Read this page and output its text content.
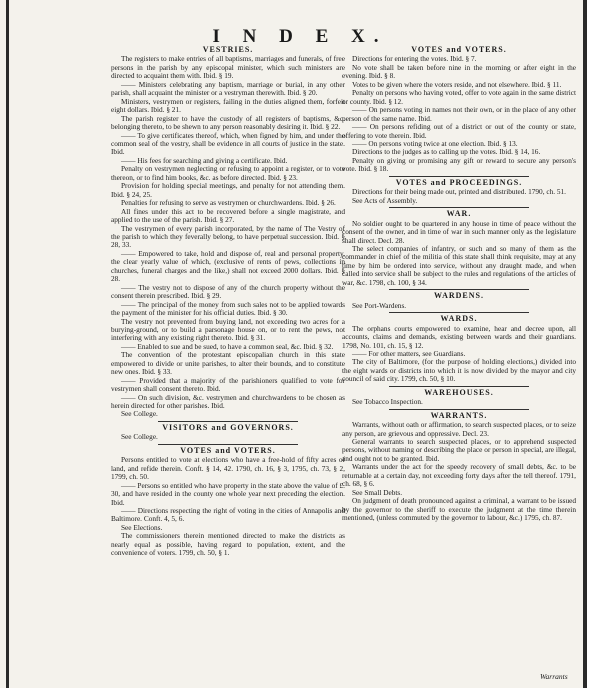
I N D E X.
VESTRIES.
The registers to make entries of all baptisms, marriages and funerals, of free persons in the parish by any episcopal minister, which such ministers are directed to acquaint them with. Ibid. § 19.
—— Ministers celebrating any baptism, marriage or burial, in any other parish, shall acquaint the minister or a vestryman therewith. Ibid. § 20.
Ministers, vestrymen or registers, failing in the duties aligned them, forfeit eight dollars. Ibid. § 21.
The parish register to have the custody of all registers of baptisms, &c. belonging thereto, to be shewn to any person reasonably desiring it. Ibid. § 22.
—— To give certificates thereof, which, when figned by him, and under the common seal of the vestry, shall be evidence in all courts of justice in the state. Ibid.
—— His fees for searching and giving a certificate. Ibid.
Penalty on vestrymen neglecting or refusing to appoint a register, or to vote thereon, or to find him books, &c. as before directed. Ibid. § 23.
Provision for holding special meetings, and penalty for not attending them. Ibid. § 24, 25.
Penalties for refusing to serve as vestrymen or churchwardens. Ibid. § 26.
All fines under this act to be recovered before a single magistrate, and applied to the use of the parish. Ibid. § 27.
The vestrymen of every parish incorporated, by the name of The Vestry of the parish to which they feverally belong, to have perpetual succession. Ibid. § 28, 33.
—— Empowered to take, hold and dispose of, real and personal property, the clear yearly value of which, (exclusive of rents of pews, collections in churches, funeral charges and the like,) shall not exceed 2000 dollars. Ibid. § 28.
—— The vestry not to dispose of any of the church property without the consent therein prescribed. Ibid. § 29.
—— The principal of the money from such sales not to be applied towards the payment of the minister for his official duties. Ibid. § 30.
The vestry not prevented from buying land, not exceeding two acres for a burying-ground, or to build a parsonage house on, or to rent the pews, not interfering with any existing right thereto. Ibid. § 31.
—— Enabled to sue and be sued, to have a common seal, &c. Ibid. § 32.
The convention of the protestant episcopalian church in this state empowered to divide or unite parishes, to alter their bounds, and to constitute new ones. Ibid. § 33.
—— Provided that a majority of the parishioners qualified to vote for vestrymen shall consent thereto. Ibid.
—— On such division, &c. vestrymen and churchwardens to be chosen as herein directed for other parishes. Ibid.
See College.
VISITORS and GOVERNORS.
See College.
VOTES and VOTERS.
Persons entitled to vote at elections who have a free-hold of fifty acres of land, and refide therein. Conft. § 14, 42. 1790, ch. 16, § 3, 1795, ch. 73, § 2, 1799, ch. 50.
—— Persons so entitled who have property in the state above the value of £. 30, and have resided in the county one whole year next preceding the election. Ibid.
—— Directions respecting the right of voting in the cities of Annapolis and Baltimore. Conft. 4, 5, 6.
See Elections.
The commissioners therein mentioned directed to make the districts as nearly equal as possible, having regard to population, extent, and the convenience of voters. 1799, ch. 50, § 1.
VOTES and VOTERS.
Directions for entering the votes. Ibid. § 7.
No vote shall be taken before nine in the morning or after eight in the evening. Ibid. § 8.
Votes to be given where the voters reside, and not elsewhere. Ibid. § 11.
Penalty on persons who having voted, offer to vote again in the same district or county. Ibid. § 12.
—— On persons voting in names not their own, or in the place of any other person of the same name. Ibid.
—— On persons refiding out of a district or out of the county or state, offering to vote therein. Ibid.
—— On persons voting twice at one election. Ibid. § 13.
Directions to the judges as to calling up the votes. Ibid. § 14, 16.
Penalty on giving or promising any gift or reward to secure any person's vote. Ibid. § 18.
VOTES and PROCEEDINGS.
Directions for their being made out, printed and distributed. 1790, ch. 51.
See Acts of Assembly.
WAR.
No soldier ought to be quartered in any house in time of peace without the consent of the owner, and in time of war in such manner only as the legislature shall direct. Decl. 28.
The select companies of infantry, or such and so many of them as the commander in chief of the militia of this state shall think requisite, may at any time by him be ordered into service, without any draught made, and when called into service shall be subject to the rules and regulations of the articles of war, &c. 1798, ch. 100, § 34.
WARDENS.
See Port-Wardens.
WARDS.
The orphans courts empowered to examine, hear and decree upon, all accounts, claims and demands, existing between wards and their guardians. 1798, No. 101, ch. 15, § 12.
—— For other matters, see Guardians.
The city of Baltimore, (for the purpose of holding elections,) divided into the eight wards or districts into which it is now divided by the mayor and city council of said city. 1799, ch. 50, § 10.
WAREHOUSES.
See Tobacco Inspection.
WARRANTS.
Warrants, without oath or affirmation, to search suspected places, or to seize any person, are grievous and oppressive. Decl. 23.
General warrants to search suspected places, or to apprehend suspected persons, without naming or describing the place or person in special, are illegal, and ought not to be granted. Ibid.
Warrants under the act for the speedy recovery of small debts, &c. to be returnable at a certain day, not exceeding forty days after the tell thereof. 1791, ch. 68, § 6.
See Small Debts.
On judgment of death pronounced against a criminal, a warrant to be issued by the governor to the sheriff to execute the judgment at the time therein mentioned, (unless commuted by the governor to labour, &c.) 1795, ch. 87.
Warrants
